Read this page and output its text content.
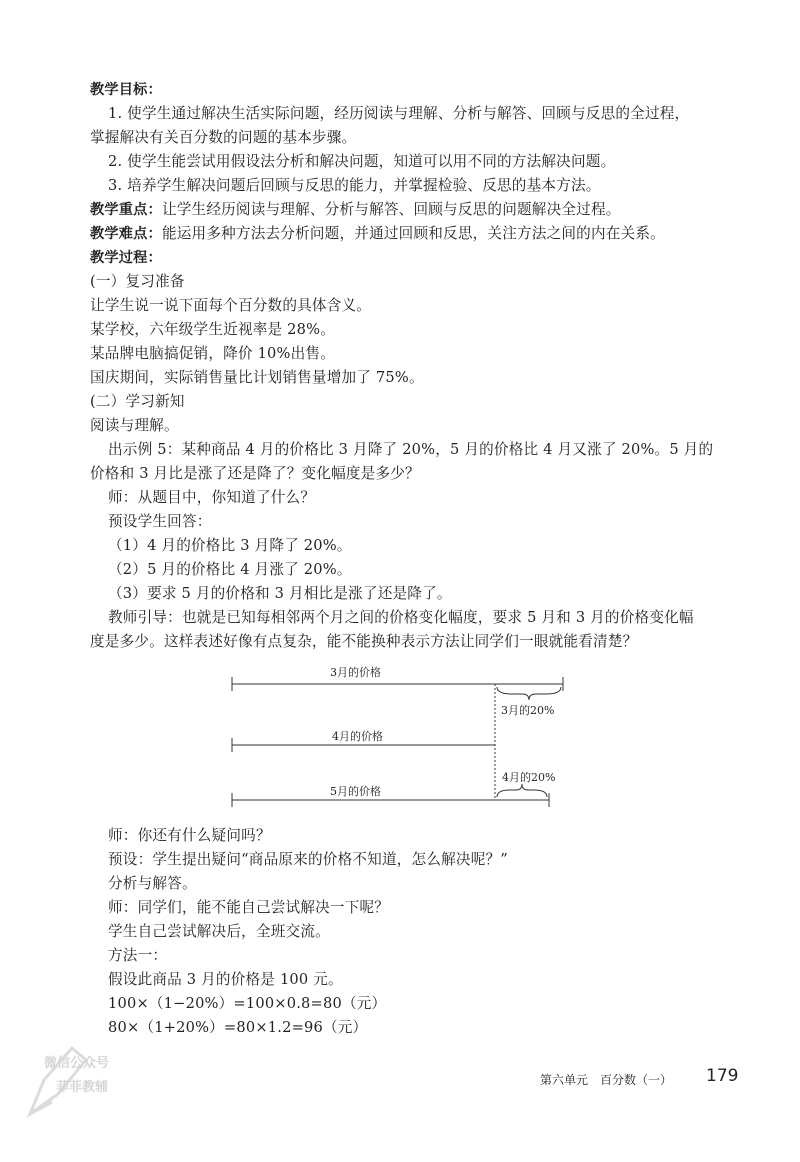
教学目标：
1. 使学生通过解决生活实际问题，经历阅读与理解、分析与解答、回顾与反思的全过程，
掌握解决有关百分数的问题的基本步骤。
2. 使学生能尝试用假设法分析和解决问题，知道可以用不同的方法解决问题。
3. 培养学生解决问题后回顾与反思的能力，并掌握检验、反思的基本方法。
教学重点：让学生经历阅读与理解、分析与解答、回顾与反思的问题解决全过程。
教学难点：能运用多种方法去分析问题，并通过回顾和反思，关注方法之间的内在关系。
教学过程：
(一）复习准备
让学生说一说下面每个百分数的具体含义。
某学校，六年级学生近视率是 28%。
某品牌电脑搞促销，降价 10%出售。
国庆期间，实际销售量比计划销售量增加了 75%。
(二）学习新知
阅读与理解。
出示例 5：某种商品 4 月的价格比 3 月降了 20%，5 月的价格比 4 月又涨了 20%。5 月的
价格和 3 月比是涨了还是降了？变化幅度是多少？
师：从题目中，你知道了什么？
预设学生回答：
（1）4 月的价格比 3 月降了 20%。
（2）5 月的价格比 4 月涨了 20%。
（3）要求 5 月的价格和 3 月相比是涨了还是降了。
教师引导：也就是已知每相邻两个月之间的价格变化幅度，要求 5 月和 3 月的价格变化幅
度是多少。这样表述好像有点复杂，能不能换种表示方法让同学们一眼就能看清楚？
3月的价格
3月的20%
4月的价格
4月的20%
5月的价格
师：你还有什么疑问吗？
预设：学生提出疑问“商品原来的价格不知道，怎么解决呢？”
分析与解答。
师：同学们，能不能自己尝试解决一下呢？
学生自己尝试解决后，全班交流。
方法一：
假设此商品 3 月的价格是 100 元。
100×（1−20%）=100×0.8=80（元）
80×（1+20%）=80×1.2=96（元）
微信公众号
菲菲教辅	第六单元　百分数（一） 179
